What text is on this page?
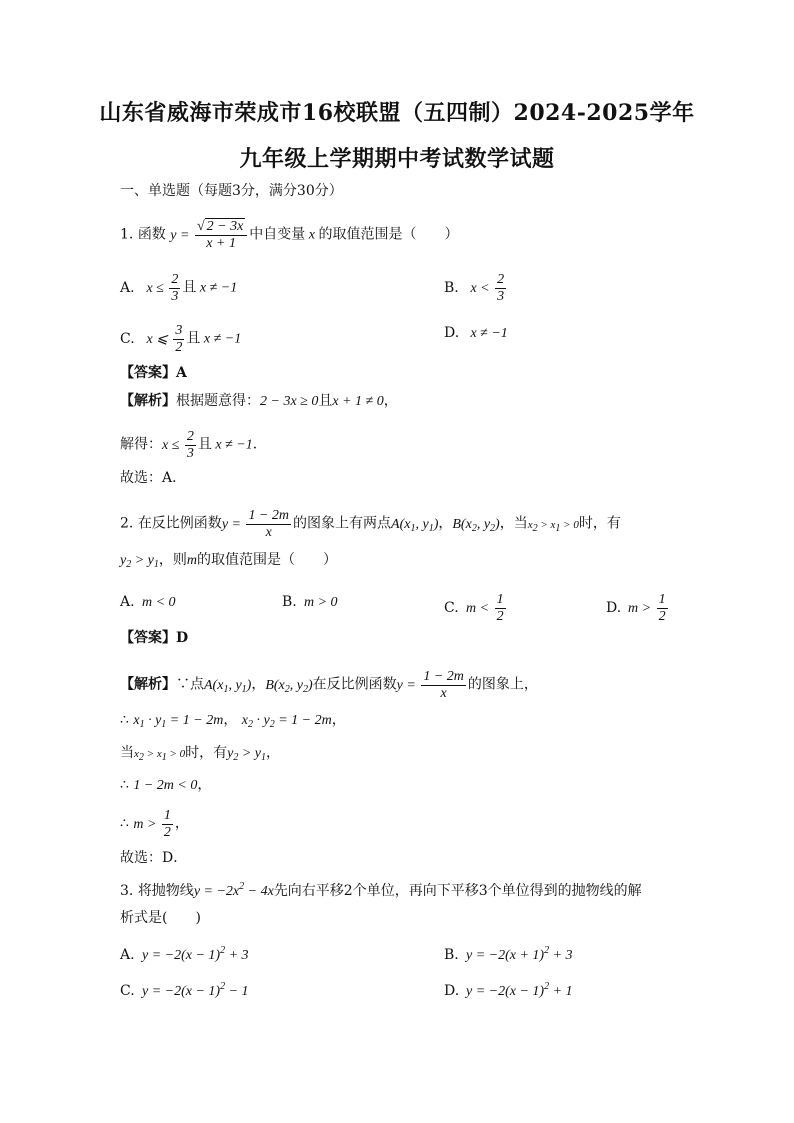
山东省威海市荣成市16校联盟（五四制）2024-2025学年
九年级上学期期中考试数学试题
一、单选题（每题3分，满分30分）
1. 函数 $y = \frac{√ 2 - 3x}{x + 1}$ 中自变量 x 的取值范围是（　　）
A. $x \le \frac{2}{3}$ 且 x ≠ −1	B. $x < \frac{2}{3}$
C. x ⩽ $\frac{3}{2}$ 且 x ≠ −1	D. x ≠ −1
【答案】A
【解析】根据题意得：2 − 3x ≥ 0且x + 1 ≠ 0，
解得：$x \le \frac{2}{3}$ 且 x ≠ −1．
故选：A．
2. 在反比例函数$y = \frac{1 - 2m}{x}$ 的图象上有两点$A(x_1$, $y_1$)，$B(x_2$, $y_2$)，当x2 > x1 > 0时，有
$y_2 > y_1$，则m的取值范围是（　　）
A. m < 0	B. m > 0	C. $m < \frac{1}{2}$	D. $m > \frac{1}{2}$
【答案】D
【解析】∵点$A(x_1$, $y_1$)，$B(x_2$, $y_2$)在反比例函数$y = \frac{1 - 2m}{x}$ 的图象上，
∴ $x_1 \cdot y_1 = 1 - 2m$， $x_2 \cdot y_2 = 1 - 2m$，
当x2 > x1 > 0时，有$y_2 > y_1$，
∴ 1 − 2m < 0，
∴ $m > \frac{1}{2}$ ，
故选：D．
3. 将抛物线$y = -2x^2 - 4x$先向右平移2个单位，再向下平移3个单位得到的抛物线的解
析式是(　　)
A. $y = -2(x - 1)^2 + 3$	B. $y = -2(x + 1)^2 + 3$
C. $y = -2(x - 1)^2 - 1$	D. $y = -2(x - 1)^2 + 1$
